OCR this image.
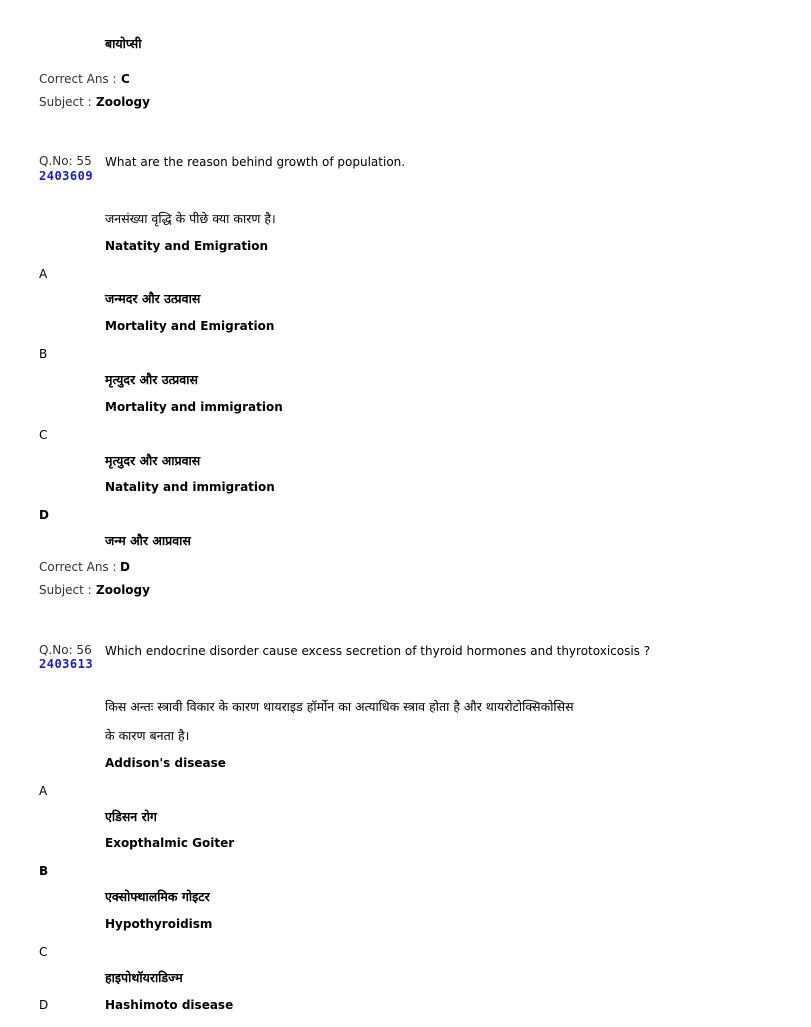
बायोप्सी
Correct Ans : C
Subject : Zoology
Q.No: 55
2403609
What are the reason behind growth of population.
जनसंख्या वृद्धि के पीछे क्या कारण है।
Natatity and Emigration
A
जन्मदर और उत्प्रवास
Mortality and Emigration
B
मृत्युदर और उत्प्रवास
Mortality and immigration
C
मृत्युदर और आप्रवास
Natality and immigration
D
जन्म और आप्रवास
Correct Ans : D
Subject : Zoology
Q.No: 56
2403613
Which endocrine disorder cause excess secretion of thyroid hormones and thyrotoxicosis ?
किस अन्तः स्त्रावी विकार के कारण थायराइड हॉर्मोन का अत्याधिक स्त्राव होता है और थायरोटोक्सिकोसिस
के कारण बनता है।
Addison's disease
A
एडिसन रोग
Exopthalmic Goiter
B
एक्सोफ्थालमिक गोइटर
Hypothyroidism
C
हाइपोथॉयराडिज्म
D	Hashimoto disease
